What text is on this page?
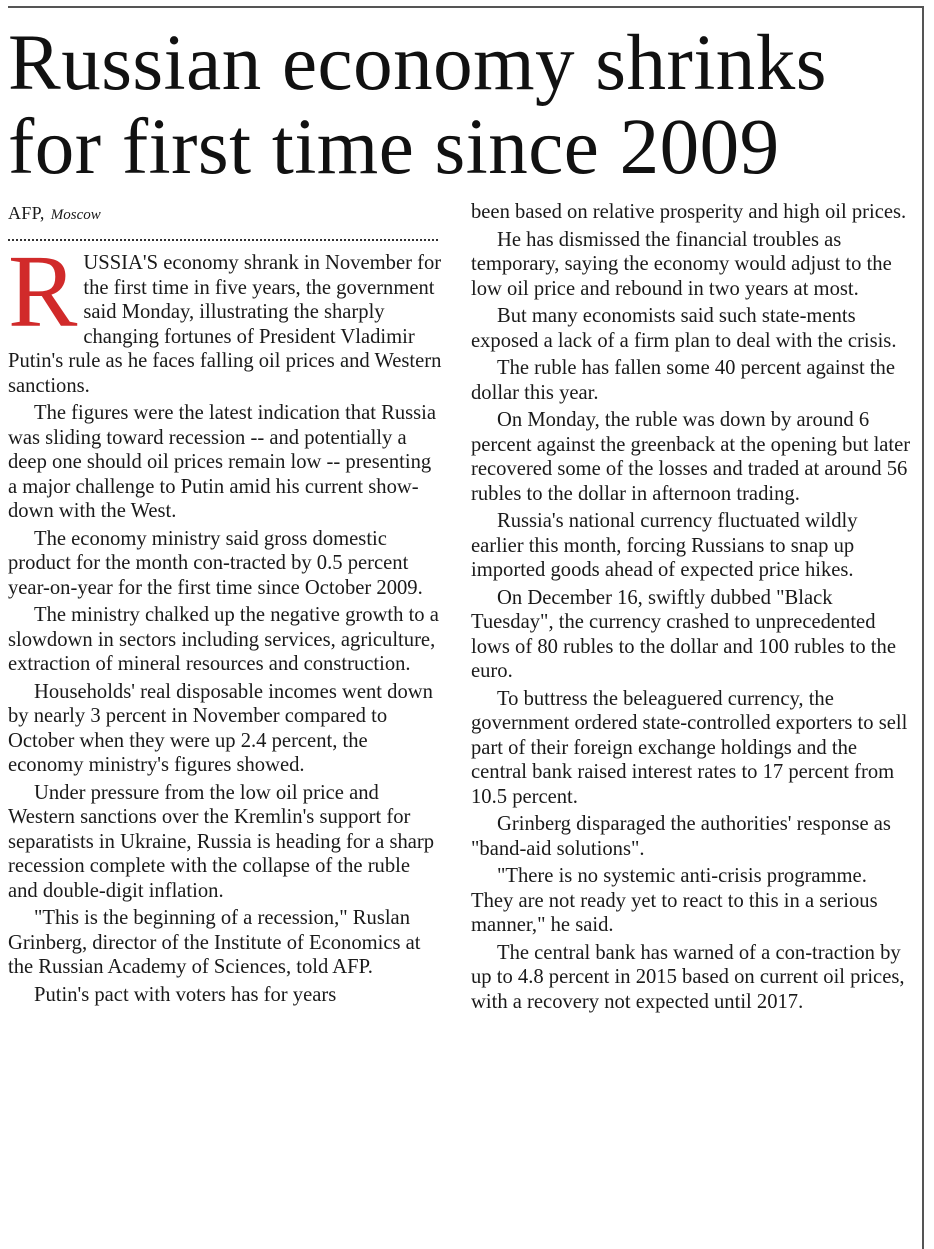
Russian economy shrinks for first time since 2009
AFP, Moscow

RUSSIA'S economy shrank in November for the first time in five years, the government said Monday, illustrating the sharply changing fortunes of President Vladimir Putin's rule as he faces falling oil prices and Western sanctions.

The figures were the latest indication that Russia was sliding toward recession -- and potentially a deep one should oil prices remain low -- presenting a major challenge to Putin amid his current show-down with the West.

The economy ministry said gross domestic product for the month con-tracted by 0.5 percent year-on-year for the first time since October 2009.

The ministry chalked up the negative growth to a slowdown in sectors including services, agriculture, extraction of mineral resources and construction.

Households' real disposable incomes went down by nearly 3 percent in November compared to October when they were up 2.4 percent, the economy ministry's figures showed.

Under pressure from the low oil price and Western sanctions over the Kremlin's support for separatists in Ukraine, Russia is heading for a sharp recession complete with the collapse of the ruble and double-digit inflation.

"This is the beginning of a recession," Ruslan Grinberg, director of the Institute of Economics at the Russian Academy of Sciences, told AFP.

Putin's pact with voters has for years

been based on relative prosperity and high oil prices.

He has dismissed the financial troubles as temporary, saying the economy would adjust to the low oil price and rebound in two years at most.

But many economists said such state-ments exposed a lack of a firm plan to deal with the crisis.

The ruble has fallen some 40 percent against the dollar this year.

On Monday, the ruble was down by around 6 percent against the greenback at the opening but later recovered some of the losses and traded at around 56 rubles to the dollar in afternoon trading.

Russia's national currency fluctuated wildly earlier this month, forcing Russians to snap up imported goods ahead of expected price hikes.

On December 16, swiftly dubbed "Black Tuesday", the currency crashed to unprecedented lows of 80 rubles to the dollar and 100 rubles to the euro.

To buttress the beleaguered currency, the government ordered state-controlled exporters to sell part of their foreign exchange holdings and the central bank raised interest rates to 17 percent from 10.5 percent.

Grinberg disparaged the authorities' response as "band-aid solutions".

"There is no systemic anti-crisis programme. They are not ready yet to react to this in a serious manner," he said.

The central bank has warned of a con-traction by up to 4.8 percent in 2015 based on current oil prices, with a recovery not expected until 2017.
